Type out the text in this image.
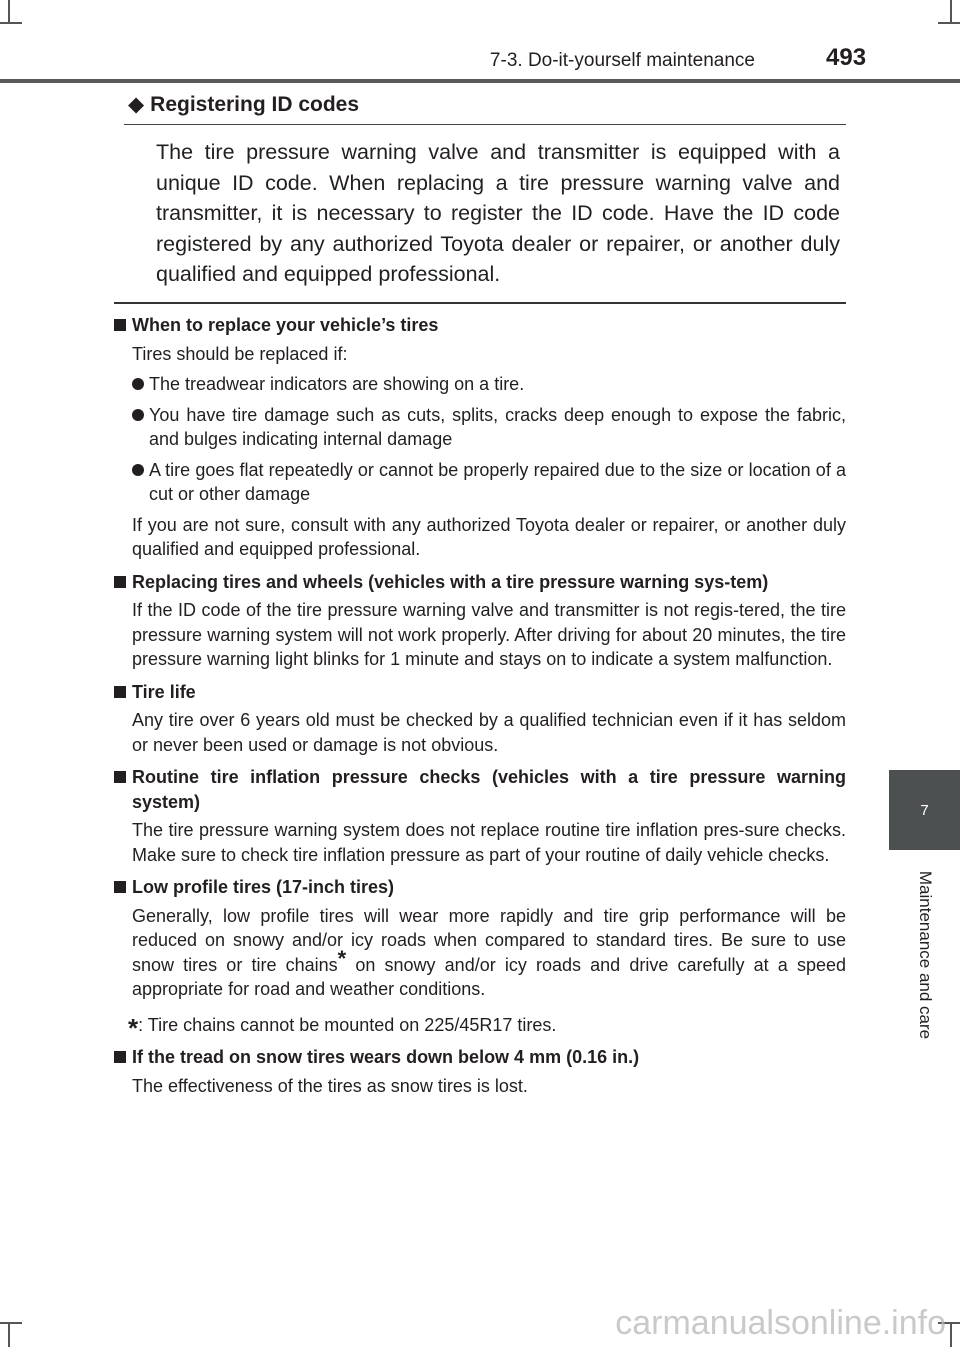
7-3. Do-it-yourself maintenance	493
7
Maintenance and care
◆ Registering ID codes
The tire pressure warning valve and transmitter is equipped with a unique ID code. When replacing a tire pressure warning valve and transmitter, it is necessary to register the ID code. Have the ID code registered by any authorized Toyota dealer or repairer, or another duly qualified and equipped professional.
When to replace your vehicle’s tires
Tires should be replaced if:
The treadwear indicators are showing on a tire.
You have tire damage such as cuts, splits, cracks deep enough to expose the fabric, and bulges indicating internal damage
A tire goes flat repeatedly or cannot be properly repaired due to the size or location of a cut or other damage
If you are not sure, consult with any authorized Toyota dealer or repairer, or another duly qualified and equipped professional.
Replacing tires and wheels (vehicles with a tire pressure warning sys-tem)
If the ID code of the tire pressure warning valve and transmitter is not regis-tered, the tire pressure warning system will not work properly. After driving for about 20 minutes, the tire pressure warning light blinks for 1 minute and stays on to indicate a system malfunction.
Tire life
Any tire over 6 years old must be checked by a qualified technician even if it has seldom or never been used or damage is not obvious.
Routine tire inflation pressure checks (vehicles with a tire pressure warning system)
The tire pressure warning system does not replace routine tire inflation pres-sure checks. Make sure to check tire inflation pressure as part of your routine of daily vehicle checks.
Low profile tires (17-inch tires)
Generally, low profile tires will wear more rapidly and tire grip performance will be reduced on snowy and/or icy roads when compared to standard tires. Be sure to use snow tires or tire chains* on snowy and/or icy roads and drive carefully at a speed appropriate for road and weather conditions.
*: Tire chains cannot be mounted on 225/45R17 tires.
If the tread on snow tires wears down below 4 mm (0.16 in.)
The effectiveness of the tires as snow tires is lost.
carmanualsonline.info
